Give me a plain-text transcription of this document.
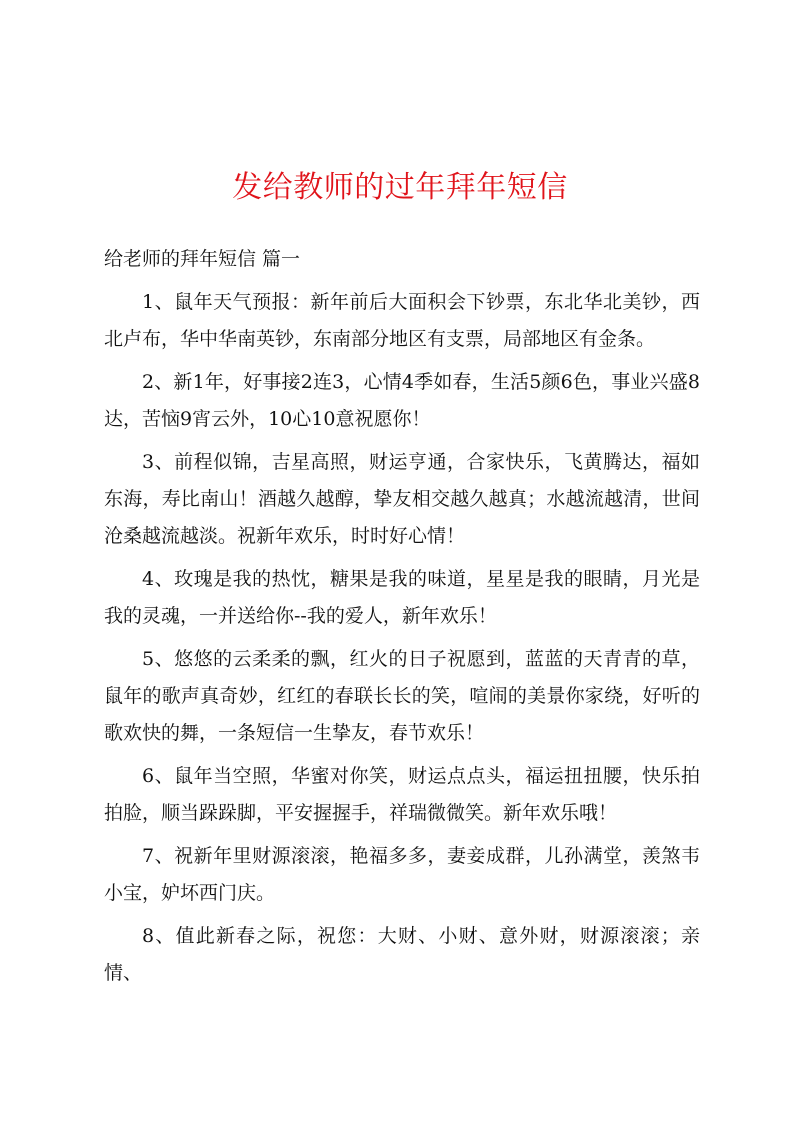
发给教师的过年拜年短信
给老师的拜年短信 篇一

1、鼠年天气预报：新年前后大面积会下钞票，东北华北美钞，西北卢布，华中华南英钞，东南部分地区有支票，局部地区有金条。

2、新1年，好事接2连3，心情4季如春，生活5颜6色，事业兴盛8达，苦恼9宵云外，10心10意祝愿你！

3、前程似锦，吉星高照，财运亨通，合家快乐，飞黄腾达，福如东海，寿比南山！酒越久越醇，挚友相交越久越真；水越流越清，世间沧桑越流越淡。祝新年欢乐，时时好心情！

4、玫瑰是我的热忱，糖果是我的味道，星星是我的眼睛，月光是我的灵魂，一并送给你--我的爱人，新年欢乐！

5、悠悠的云柔柔的飘，红火的日子祝愿到，蓝蓝的天青青的草，鼠年的歌声真奇妙，红红的春联长长的笑，喧闹的美景你家绕，好听的歌欢快的舞，一条短信一生挚友，春节欢乐！

6、鼠年当空照，华蜜对你笑，财运点点头，福运扭扭腰，快乐拍拍脸，顺当跺跺脚，平安握握手，祥瑞微微笑。新年欢乐哦！

7、祝新年里财源滚滚，艳福多多，妻妾成群，儿孙满堂，羡煞韦小宝，妒坏西门庆。

8、值此新春之际，祝您：大财、小财、意外财，财源滚滚；亲情、
